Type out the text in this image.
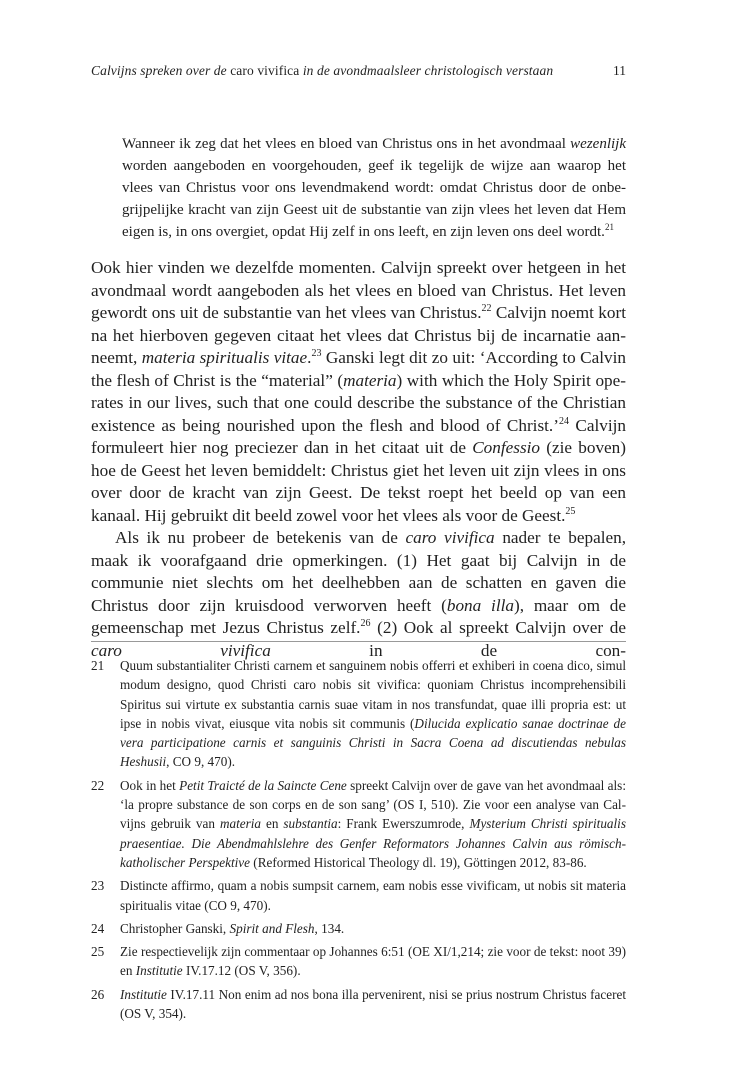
Calvijns spreken over de caro vivifica in de avondmaalsleer christologisch verstaan	11
Wanneer ik zeg dat het vlees en bloed van Christus ons in het avondmaal wezenlijk worden aangeboden en voorgehouden, geef ik tegelijk de wijze aan waarop het vlees van Christus voor ons levendmakend wordt: omdat Christus door de onbegrijpelijke kracht van zijn Geest uit de substantie van zijn vlees het leven dat Hem eigen is, in ons overgiet, opdat Hij zelf in ons leeft, en zijn leven ons deel wordt.$^{21}$

Ook hier vinden we dezelfde momenten. Calvijn spreekt over hetgeen in het avondmaal wordt aangeboden als het vlees en bloed van Christus. Het leven gewordt ons uit de substantie van het vlees van Christus.$^{22}$ Calvijn noemt kort na het hierboven gegeven citaat het vlees dat Christus bij de incarnatie aanneemt, materia spiritualis vitae.$^{23}$ Ganski legt dit zo uit: ‘According to Calvin the flesh of Christ is the “material” (materia) with which the Holy Spirit operates in our lives, such that one could describe the substance of the Christian existence as being nourished upon the flesh and blood of Christ.’$^{24}$ Calvijn formuleert hier nog preciezer dan in het citaat uit de Confessio (zie boven) hoe de Geest het leven bemiddelt: Christus giet het leven uit zijn vlees in ons over door de kracht van zijn Geest. De tekst roept het beeld op van een kanaal. Hij gebruikt dit beeld zowel voor het vlees als voor de Geest.$^{25}$

Als ik nu probeer de betekenis van de caro vivifica nader te bepalen, maak ik voorafgaand drie opmerkingen. (1) Het gaat bij Calvijn in de communie niet slechts om het deelhebben aan de schatten en gaven die Christus door zijn kruisdood verworven heeft (bona illa), maar om de gemeenschap met Jezus Christus zelf.$^{26}$ (2) Ook al spreekt Calvijn over de caro vivifica in de con-

21 Quum substantialiter Christi carnem et sanguinem nobis offerri et exhiberi in coena dico, simul modum designo, quod Christi caro nobis sit vivifica: quoniam Christus incomprehensibili Spiritus sui virtute ex substantia carnis suae vitam in nos transfundat, quae illi propria est: ut ipse in nobis vivat, eiusque vita nobis sit communis (Dilucida explicatio sanae doctrinae de vera participatione carnis et sanguinis Christi in Sacra Coena ad discutiendas nebulas Heshusii, CO 9, 470).
22 Ook in het Petit Traicté de la Saincte Cene spreekt Calvijn over de gave van het avondmaal als: ‘la propre substance de son corps en de son sang’ (OS I, 510). Zie voor een analyse van Calvijns gebruik van materia en substantia: Frank Ewerszumrode, Mysterium Christi spiritualis praesentiae. Die Abendmahlslehre des Genfer Reformators Johannes Calvin aus römisch-katholischer Perspektive (Reformed Historical Theology dl. 19), Göttingen 2012, 83-86.
23 Distincte affirmo, quam a nobis sumpsit carnem, eam nobis esse vivificam, ut nobis sit materia spiritualis vitae (CO 9, 470).
24 Christopher Ganski, Spirit and Flesh, 134.
25 Zie respectievelijk zijn commentaar op Johannes 6:51 (OE XI/1,214; zie voor de tekst: noot 39) en Institutie IV.17.12 (OS V, 356).
26 Institutie IV.17.11 Non enim ad nos bona illa pervenirent, nisi se prius nostrum Christus faceret (OS V, 354).
